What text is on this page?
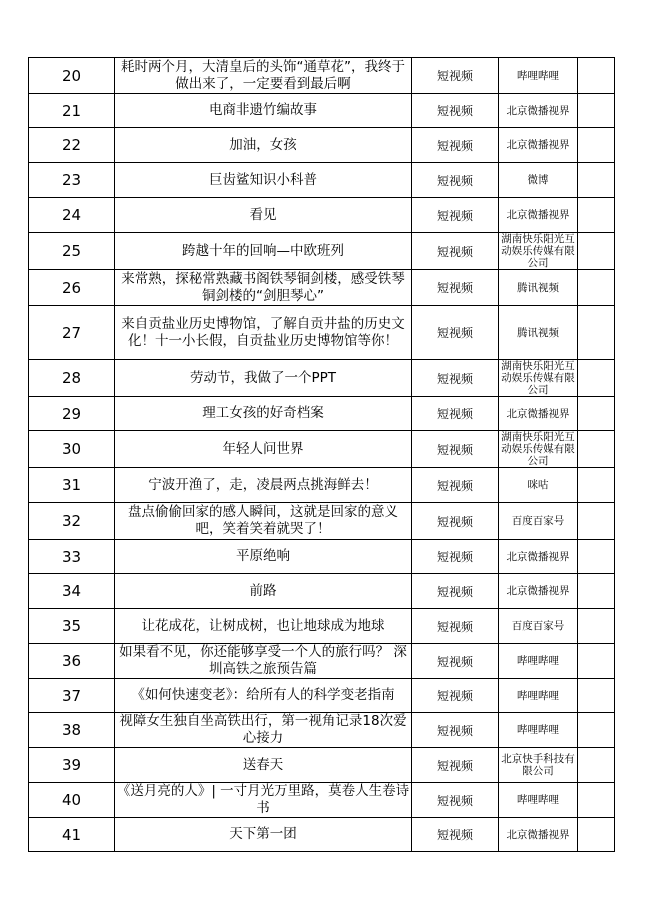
20	耗时两个月，大清皇后的头饰“通草花”，我终于做出来了，一定要看到最后啊	短视频	哔哩哔哩	
21	电商非遗竹编故事	短视频	北京微播视界	
22	加油，女孩	短视频	北京微播视界	
23	巨齿鲨知识小科普	短视频	微博	
24	看见	短视频	北京微播视界	
25	跨越十年的回响—中欧班列	短视频	湖南快乐阳光互动娱乐传媒有限公司	
26	来常熟，探秘常熟藏书阁铁琴铜剑楼，感受铁琴铜剑楼的“剑胆琴心”	短视频	腾讯视频	
27	来自贡盐业历史博物馆，了解自贡井盐的历史文化！十一小长假，自贡盐业历史博物馆等你！	短视频	腾讯视频	
28	劳动节，我做了一个PPT	短视频	湖南快乐阳光互动娱乐传媒有限公司	
29	理工女孩的好奇档案	短视频	北京微播视界	
30	年轻人问世界	短视频	湖南快乐阳光互动娱乐传媒有限公司	
31	宁波开渔了，走，凌晨两点挑海鲜去！	短视频	咪咕	
32	盘点偷偷回家的感人瞬间，这就是回家的意义吧，笑着笑着就哭了！	短视频	百度百家号	
33	平原绝响	短视频	北京微播视界	
34	前路	短视频	北京微播视界	
35	让花成花，让树成树，也让地球成为地球	短视频	百度百家号	
36	如果看不见，你还能够享受一个人的旅行吗？ 深圳高铁之旅预告篇	短视频	哔哩哔哩	
37	《如何快速变老》：给所有人的科学变老指南	短视频	哔哩哔哩	
38	视障女生独自坐高铁出行，第一视角记录18次爱心接力	短视频	哔哩哔哩	
39	送春天	短视频	北京快手科技有限公司	
40	《送月亮的人》| 一寸月光万里路，莫卷人生卷诗书	短视频	哔哩哔哩	
41	天下第一团	短视频	北京微播视界	
